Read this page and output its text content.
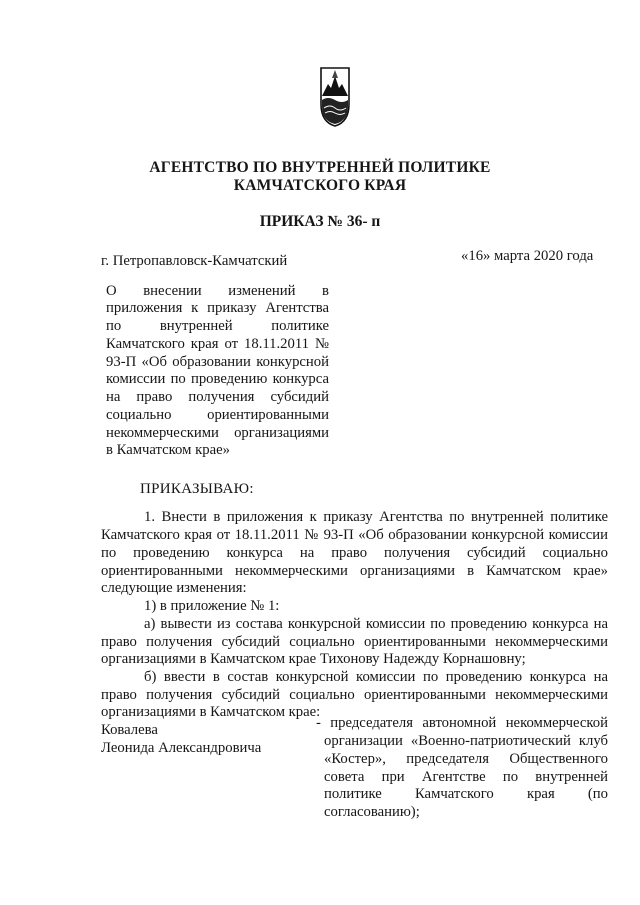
АГЕНТСТВО ПО ВНУТРЕННЕЙ ПОЛИТИКЕ
КАМЧАТСКОГО КРАЯ
ПРИКАЗ № 36- п
г. Петропавловск-Камчатский	«16» марта 2020 года
О внесении изменений в
приложения к приказу Агентства
по внутренней политике
Камчатского края от 18.11.2011 №
93-П «Об образовании конкурсной
комиссии по проведению конкурса
на право получения субсидий
социально ориентированными
некоммерческими организациями
в Камчатском крае»
ПРИКАЗЫВАЮ:
1. Внести в приложения к приказу Агентства по внутренней политике
Камчатского края от 18.11.2011 № 93-П «Об образовании конкурсной комиссии
по проведению конкурса на право получения субсидий социально
ориентированными некоммерческими организациями в Камчатском крае»
следующие изменения:
1) в приложение № 1:
а) вывести из состава конкурсной комиссии по проведению конкурса на
право получения субсидий социально ориентированными некоммерческими
организациями в Камчатском крае Тихонову Надежду Корнашовну;
б) ввести в состав конкурсной комиссии по проведению конкурса на
право получения субсидий социально ориентированными некоммерческими
организациями в Камчатском крае:
Ковалева
Леонида Александровича
- председателя автономной некоммерческой
организации «Военно-патриотический клуб
«Костер», председателя Общественного
совета при Агентстве по внутренней
политике Камчатского края (по
согласованию);
